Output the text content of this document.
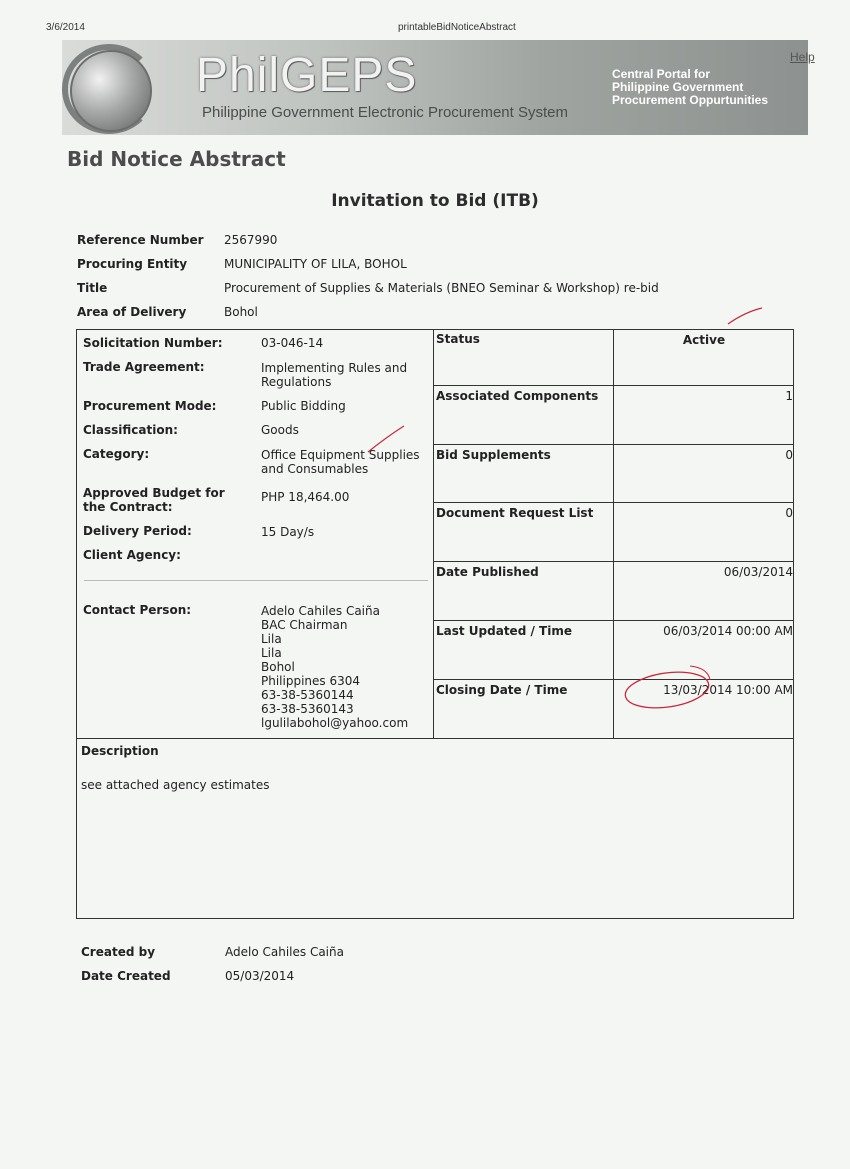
3/6/2014	printableBidNoticeAbstract
PhilGEPS
Philippine Government Electronic Procurement System
Central Portal for
Philippine Government
Procurement Oppurtunities
Help
Bid Notice Abstract
Invitation to Bid (ITB)
Reference Number 2567990
Procuring Entity	MUNICIPALITY OF LILA, BOHOL
Title	Procurement of Supplies & Materials (BNEO Seminar & Workshop) re-bid
Area of Delivery	Bohol
Solicitation Number:	03-046-14
Trade Agreement:	Implementing Rules and
Regulations
Procurement Mode:	Public Bidding
Classification:	Goods
Category:	Office Equipment Supplies
and Consumables
Approved Budget for
the Contract:
PHP 18,464.00
Delivery Period:	15 Day/s
Client Agency:
Contact Person:	Adelo Cahiles Caiña
BAC Chairman
Lila
Lila
Bohol
Philippines 6304
63-38-5360144
63-38-5360143
lgulilabohol@yahoo.com
Status	Active
Associated Components	1
Bid Supplements	0
Document Request List	0
Date Published	06/03/2014
Last Updated / Time	06/03/2014 00:00 AM
Closing Date / Time	13/03/2014 10:00 AM
Description
see attached agency estimates
Created by	Adelo Cahiles Caiña
Date Created	05/03/2014
